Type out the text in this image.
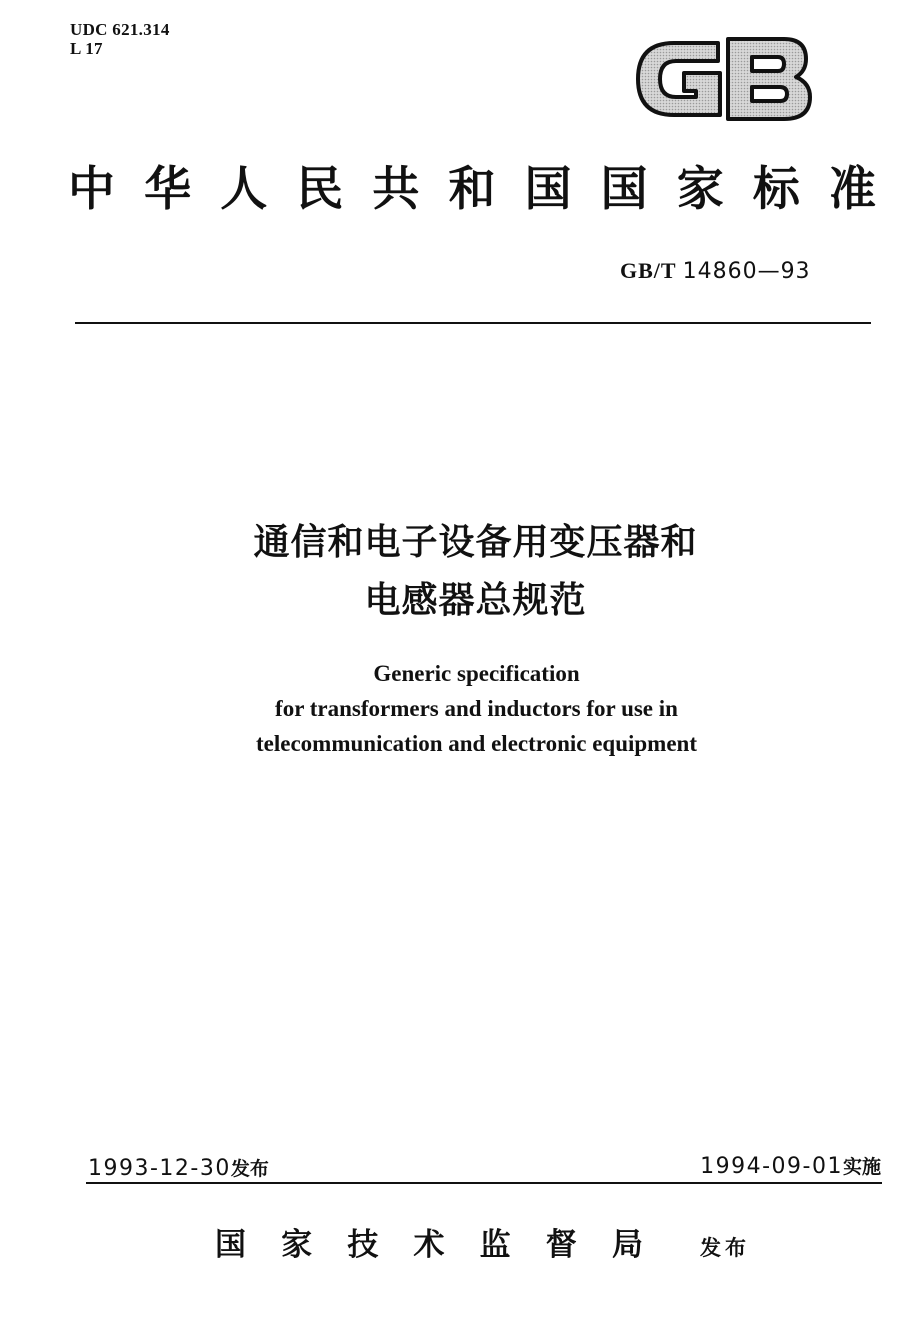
UDC 621.314
L 17
中 华 人 民 共 和 国 国 家 标 准
GB/T 14860—93
通信和电子设备用变压器和
电感器总规范
Generic specification
for transformers and inductors for use in
telecommunication and electronic equipment
1993-12-30发布	1994-09-01实施
国 家 技 术 监 督 局	发布
